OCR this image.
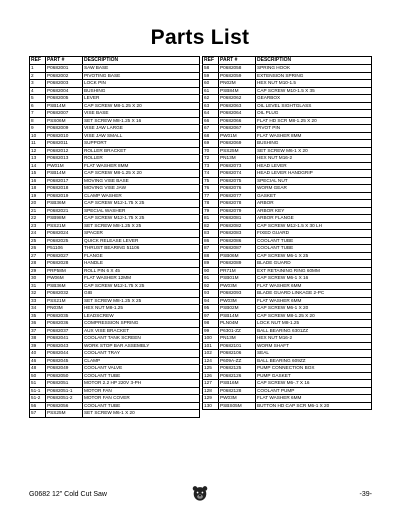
Parts List
REF	PART #	DESCRIPTION
1	P0682001	SAW BASE
2	P0682002	PIVOTING BASE
3	P0682003	LOCK PIN
4	P0682004	BUSHING
5	P0682005	LEVER
6	PSB14M	CAP SCREW M8-1.25 X 20
7	P0682007	VISE BASE
8	PSS06M	SET SCREW M8-1.25 X 16
9	P0682009	VISE JAW LARGE
10	P0682010	VISE JAW SMALL
11	P0682011	SUPPORT
12	P0682012	ROLLER BRACKET
13	P0682013	ROLLER
14	PW01M	FLAT WASHER 8MM
15	PSB14M	CAP SCREW M8-1.25 X 20
16	P0682017	MOVING VISE BASE
18	P0682018	MOVING VISE JAW
19	P0682019	CLAMP WASHER
20	PSB36M	CAP SCREW M12-1.75 X 25
21	P0682021	SPECIAL WASHER
22	PSB98M	CAP SCREW M12-1.75 X 25
23	PSS21M	SET SCREW M8-1.25 X 25
24	P0682024	SPACER
25	P0682025	QUICK RELEASE LEVER
26	P51106	THRUST BEARING 51106
27	P0682027	FLANGE
28	P0682028	HANDLE
29	PRP58M	ROLL PIN 6 X 45
30	PW06M	FLAT WASHER 12MM
31	PSB36M	CAP SCREW M12-1.75 X 25
32	P0682032	GIB
33	PSS21M	SET SCREW M8-1.25 X 25
34	PN03M	HEX NUT M8-1.25
35	P0682035	LEADSCREW
36	P0682036	COMPRESSION SPRING
37	P0682037	AUX VISE BRACKET
38	P0682041	COOLANT TANK SCREEN
39	P0682043	WORK STOP BAR ASSEMBLY
40	P0682044	COOLANT TRAY
46	P0682045	CLAMP
48	P0682049	COOLANT VALVE
50	P0682050	COOLANT TUBE
51	P0682051	MOTOR 2.2 HP 220V 3-PH
51-1	P0682051-1	MOTOR FAN
51-2	P0682051-2	MOTOR FAN COVER
56	P0682056	COOLANT TUBE
57	PSS25M	SET SCREW M6-1 X 20
REF	PART #	DESCRIPTION
58	P0682058	SPRING HOOK
59	P0682059	EXTENSION SPRING
60	PN02M	HEX NUT M10-1.5
61	PSB84M	CAP SCREW M10-1.5 X 35
62	P0682062	GEARBOX
63	P0682063	OIL LEVEL SIGHTGLASS
64	P0682064	OIL PLUG
66	P0682066	FLAT HD SCR M8-1.25 X 20
67	P0682067	PIVOT PIN
68	PW01M	FLAT WASHER 8MM
69	P0682069	BUSHING
70	PSS25M	SET SCREW M6-1 X 20
72	PN13M	HEX NUT M16-2
73	P0682073	HEAD LEVER
74	P0682074	HEAD LEVER HANDGRIP
75	P0682075	SPECIAL NUT
76	P0682076	WORM GEAR
77	P0682077	GASKET
78	P0682078	ARBOR
79	P0682079	ARBOR KEY
81	P0682081	ARBOR FLANGE
82	P0682082	CAP SCREW M12-1.5 X 30 LH
83	P0682083	FIXED GUARD
86	P0682086	COOLANT TUBE
87	P0682087	COOLANT TUBE
88	PSB06M	CAP SCREW M6-1 X 25
89	P0682089	BLADE GUARD
90	PR71M	EXT RETAINING RING 60MM
91	PSB01M	CAP SCREW M6-1 X 16
92	PW03M	FLAT WASHER 6MM
93	P0682093	BLADE GUARD LINKAGE 2-PC
94	PW03M	FLAT WASHER 6MM
95	PSB02M	CAP SCREW M6-1 X 20
97	PSB14M	CAP SCREW M8-1.25 X 20
98	PLN04M	LOCK NUT M8-1.25
99	P6301-ZZ	BALL BEARING 6301ZZ
100	PN13M	HEX NUT M16-2
101	P0682101	WORM SHAFT
102	P0682106	SEAL
124	P609A-ZZ	BALL BEARING 609ZZ
125	P0682125	PUMP CONNECTION BOX
126	P0682126	PUMP GASKET
127	PSB16M	CAP SCREW M6-.7 X 16
128	P0682128	COOLANT PUMP
129	PW03M	FLAT WASHER 6MM
130	PSBS05M	BUTTON HD CAP SCR M6-1 X 20
G0682 12" Cold Cut Saw	-39-
